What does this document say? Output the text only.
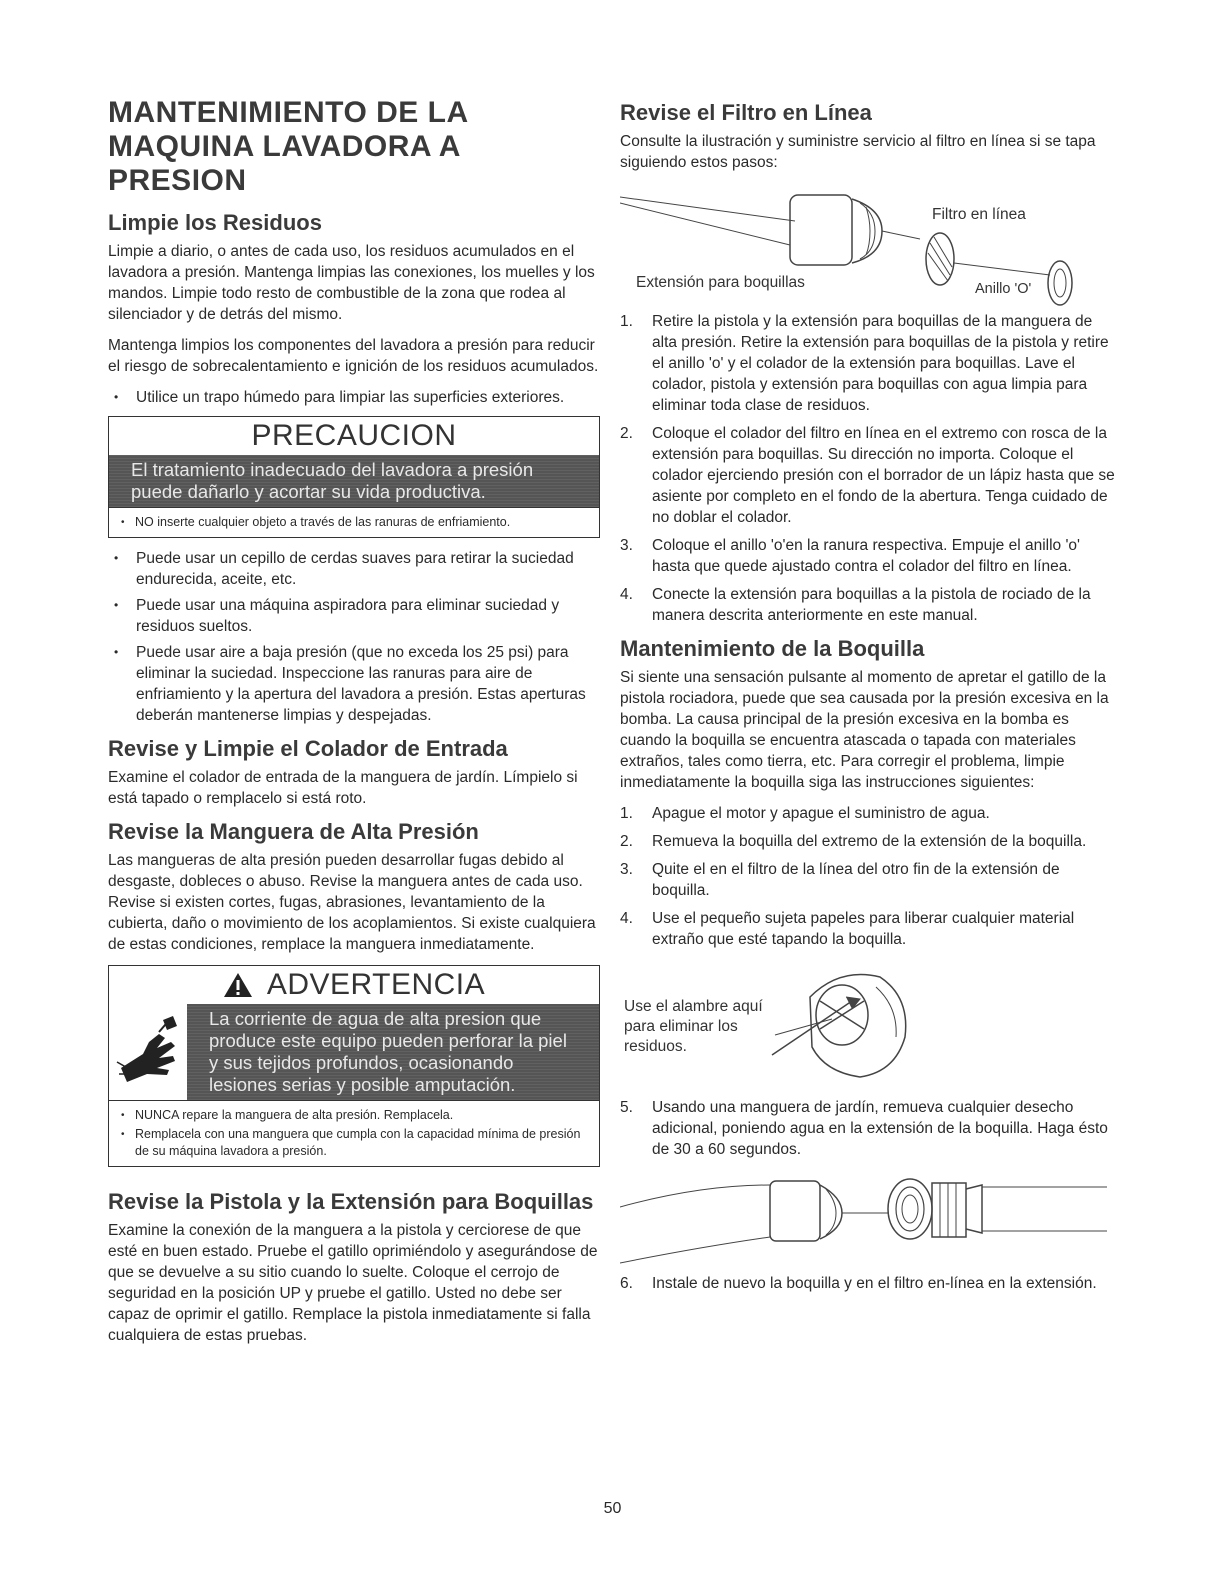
MANTENIMIENTO DE LA MAQUINA LAVADORA A PRESION
Limpie los Residuos

Limpie a diario, o antes de cada uso, los residuos acumulados en el lavadora a presión. Mantenga limpias las conexiones, los muelles y los mandos. Limpie todo resto de combustible de la zona que rodea al silenciador y de detrás del mismo.

Mantenga limpios los componentes del lavadora a presión para reducir el riesgo de sobrecalentamiento e ignición de los residuos acumulados.

• Utilice un trapo húmedo para limpiar las superficies exteriores.
PRECAUCION
El tratamiento inadecuado del lavadora a presión puede dañarlo y acortar su vida productiva.
• NO inserte cualquier objeto a través de las ranuras de enfriamiento.
• Puede usar un cepillo de cerdas suaves para retirar la suciedad endurecida, aceite, etc.
• Puede usar una máquina aspiradora para eliminar suciedad y residuos sueltos.
• Puede usar aire a baja presión (que no exceda los 25 psi) para eliminar la suciedad. Inspeccione las ranuras para aire de enfriamiento y la apertura del lavadora a presión. Estas aperturas deberán mantenerse limpias y despejadas.
Revise y Limpie el Colador de Entrada

Examine el colador de entrada de la manguera de jardín. Límpielo si está tapado o remplacelo si está roto.

Revise la Manguera de Alta Presión

Las mangueras de alta presión pueden desarrollar fugas debido al desgaste, dobleces o abuso. Revise la manguera antes de cada uso. Revise si existen cortes, fugas, abrasiones, levantamiento de la cubierta, daño o movimiento de los acoplamientos. Si existe cualquiera de estas condiciones, remplace la manguera inmediatamente.

ADVERTENCIA
La corriente de agua de alta presion que produce este equipo pueden perforar la piel y sus tejidos profundos, ocasionando lesiones serias y posible amputación.
• NUNCA repare la manguera de alta presión. Remplacela.
• Remplacela con una manguera que cumpla con la capacidad mínima de presión de su máquina lavadora a presión.
Revise la Pistola y la Extensión para Boquillas

Examine la conexión de la manguera a la pistola y cerciorese de que esté en buen estado. Pruebe el gatillo oprimiéndolo y asegurándose de que se devuelve a su sitio cuando lo suelte. Coloque el cerrojo de seguridad en la posición UP y pruebe el gatillo. Usted no debe ser capaz de oprimir el gatillo. Remplace la pistola inmediatamente si falla cualquiera de estas pruebas.

Revise el Filtro en Línea

Consulte la ilustración y suministre servicio al filtro en línea si se tapa siguiendo estos pasos:

Filtro en línea
Extensión para boquillas	Anillo 'O'
1.	Retire la pistola y la extensión para boquillas de la manguera de alta presión. Retire la extensión para boquillas de la pistola y retire el anillo 'o' y el colador de la extensión para boquillas. Lave el colador, pistola y extensión para boquillas con agua limpia para eliminar toda clase de residuos.
2.	Coloque el colador del filtro en línea en el extremo con rosca de la extensión para boquillas. Su dirección no importa. Coloque el colador ejerciendo presión con el borrador de un lápiz hasta que se asiente por completo en el fondo de la abertura. Tenga cuidado de no doblar el colador.
3.	Coloque el anillo 'o'en la ranura respectiva. Empuje el anillo 'o' hasta que quede ajustado contra el colador del filtro en línea.
4.	Conecte la extensión para boquillas a la pistola de rociado de la manera descrita anteriormente en este manual.
Mantenimiento de la Boquilla

Si siente una sensación pulsante al momento de apretar el gatillo de la pistola rociadora, puede que sea causada por la presión excesiva en la bomba. La causa principal de la presión excesiva en la bomba es cuando la boquilla se encuentra atascada o tapada con materiales extraños, tales como tierra, etc. Para corregir el problema, limpie inmediatamente la boquilla siga las instrucciones siguientes:

1.	Apague el motor y apague el suministro de agua.
2.	Remueva la boquilla del extremo de la extensión de la boquilla.
3.	Quite el en el filtro de la línea del otro fin de la extensión de boquilla.
4.	Use el pequeño sujeta papeles para liberar cualquier material extraño que esté tapando la boquilla.
Use el alambre aquí para eliminar los residuos.
5.	Usando una manguera de jardín, remueva cualquier desecho adicional, poniendo agua en la extensión de la boquilla. Haga ésto de 30 a 60 segundos.
6.	Instale de nuevo la boquilla y en el filtro en-línea en la extensión.
50
